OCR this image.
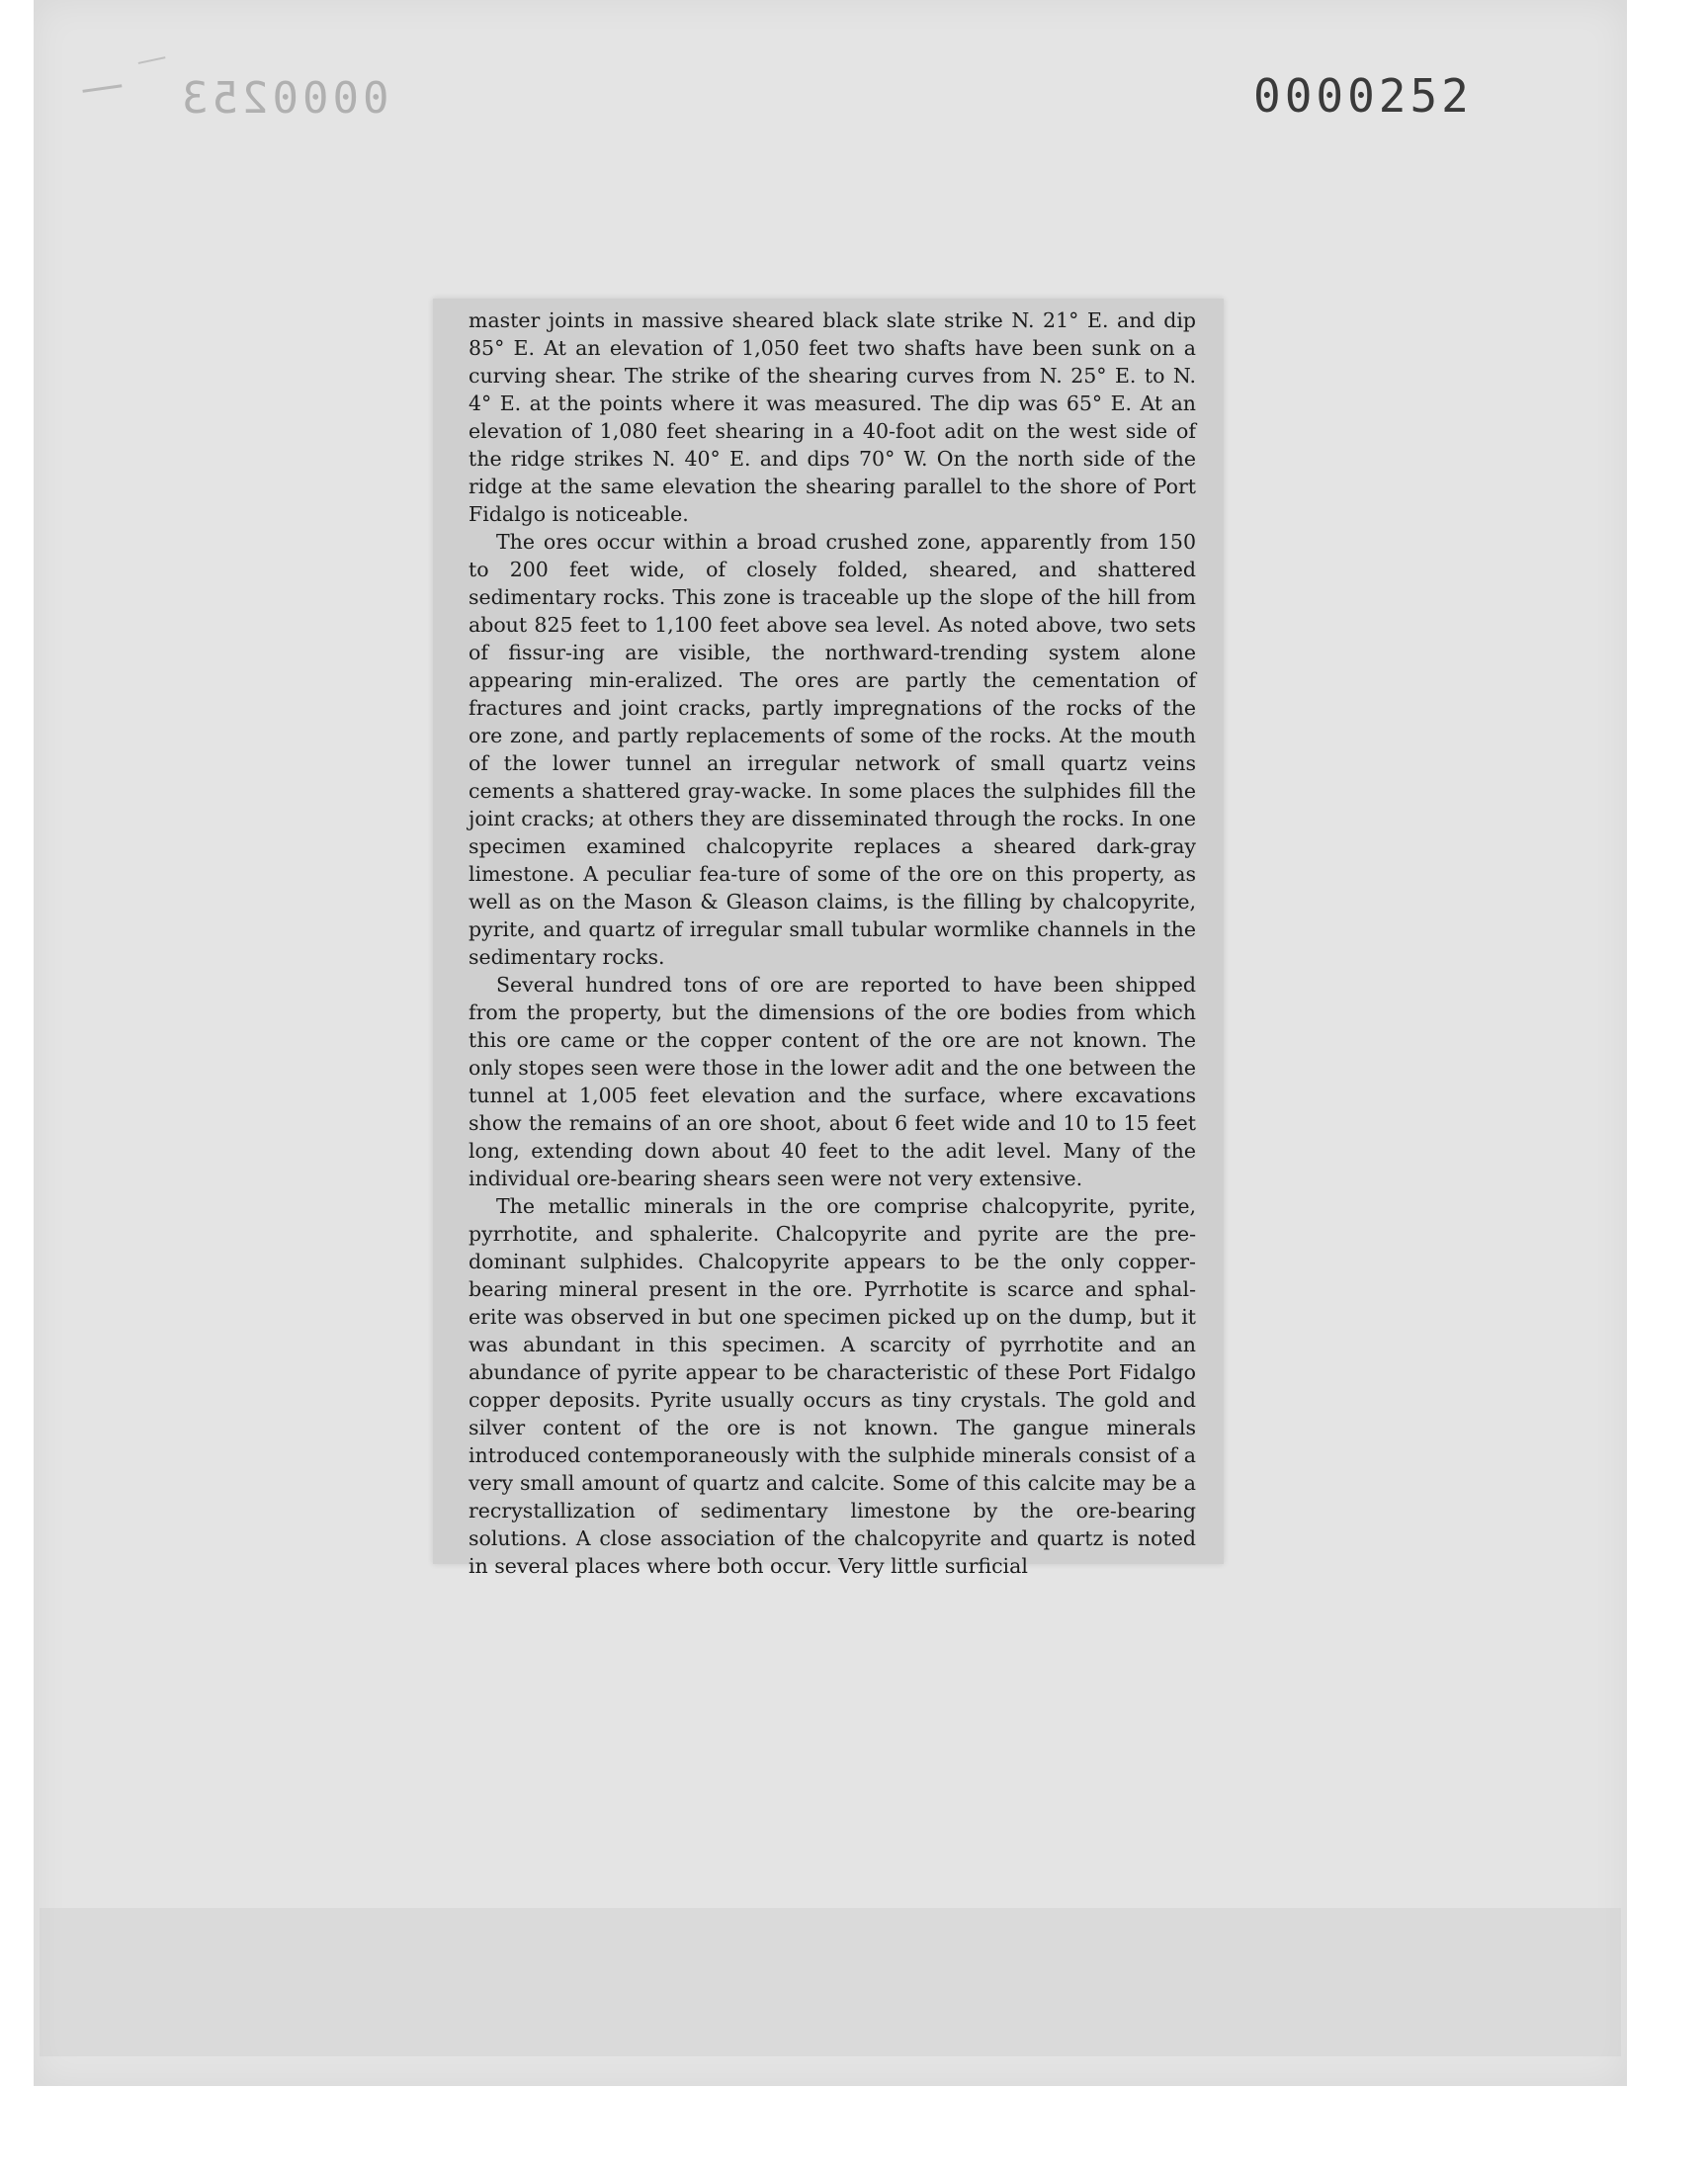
0000253	0000252

master joints in massive sheared black slate strike N. 21° E. and dip 85° E. At an elevation of 1,050 feet two shafts have been sunk on a curving shear. The strike of the shearing curves from N. 25° E. to N. 4° E. at the points where it was measured. The dip was 65° E. At an elevation of 1,080 feet shearing in a 40-foot adit on the west side of the ridge strikes N. 40° E. and dips 70° W. On the north side of the ridge at the same elevation the shearing parallel to the shore of Port Fidalgo is noticeable.

The ores occur within a broad crushed zone, apparently from 150 to 200 feet wide, of closely folded, sheared, and shattered sedimentary rocks. This zone is traceable up the slope of the hill from about 825 feet to 1,100 feet above sea level. As noted above, two sets of fissur-ing are visible, the northward-trending system alone appearing min-eralized. The ores are partly the cementation of fractures and joint cracks, partly impregnations of the rocks of the ore zone, and partly replacements of some of the rocks. At the mouth of the lower tunnel an irregular network of small quartz veins cements a shattered gray-wacke. In some places the sulphides fill the joint cracks; at others they are disseminated through the rocks. In one specimen examined chalcopyrite replaces a sheared dark-gray limestone. A peculiar fea-ture of some of the ore on this property, as well as on the Mason & Gleason claims, is the filling by chalcopyrite, pyrite, and quartz of irregular small tubular wormlike channels in the sedimentary rocks.

Several hundred tons of ore are reported to have been shipped from the property, but the dimensions of the ore bodies from which this ore came or the copper content of the ore are not known. The only stopes seen were those in the lower adit and the one between the tunnel at 1,005 feet elevation and the surface, where excavations show the remains of an ore shoot, about 6 feet wide and 10 to 15 feet long, extending down about 40 feet to the adit level. Many of the individual ore-bearing shears seen were not very extensive.

The metallic minerals in the ore comprise chalcopyrite, pyrite, pyrrhotite, and sphalerite. Chalcopyrite and pyrite are the pre-dominant sulphides. Chalcopyrite appears to be the only copper-bearing mineral present in the ore. Pyrrhotite is scarce and sphal-erite was observed in but one specimen picked up on the dump, but it was abundant in this specimen. A scarcity of pyrrhotite and an abundance of pyrite appear to be characteristic of these Port Fidalgo copper deposits. Pyrite usually occurs as tiny crystals. The gold and silver content of the ore is not known. The gangue minerals introduced contemporaneously with the sulphide minerals consist of a very small amount of quartz and calcite. Some of this calcite may be a recrystallization of sedimentary limestone by the ore-bearing solutions. A close association of the chalcopyrite and quartz is noted in several places where both occur. Very little surficial
